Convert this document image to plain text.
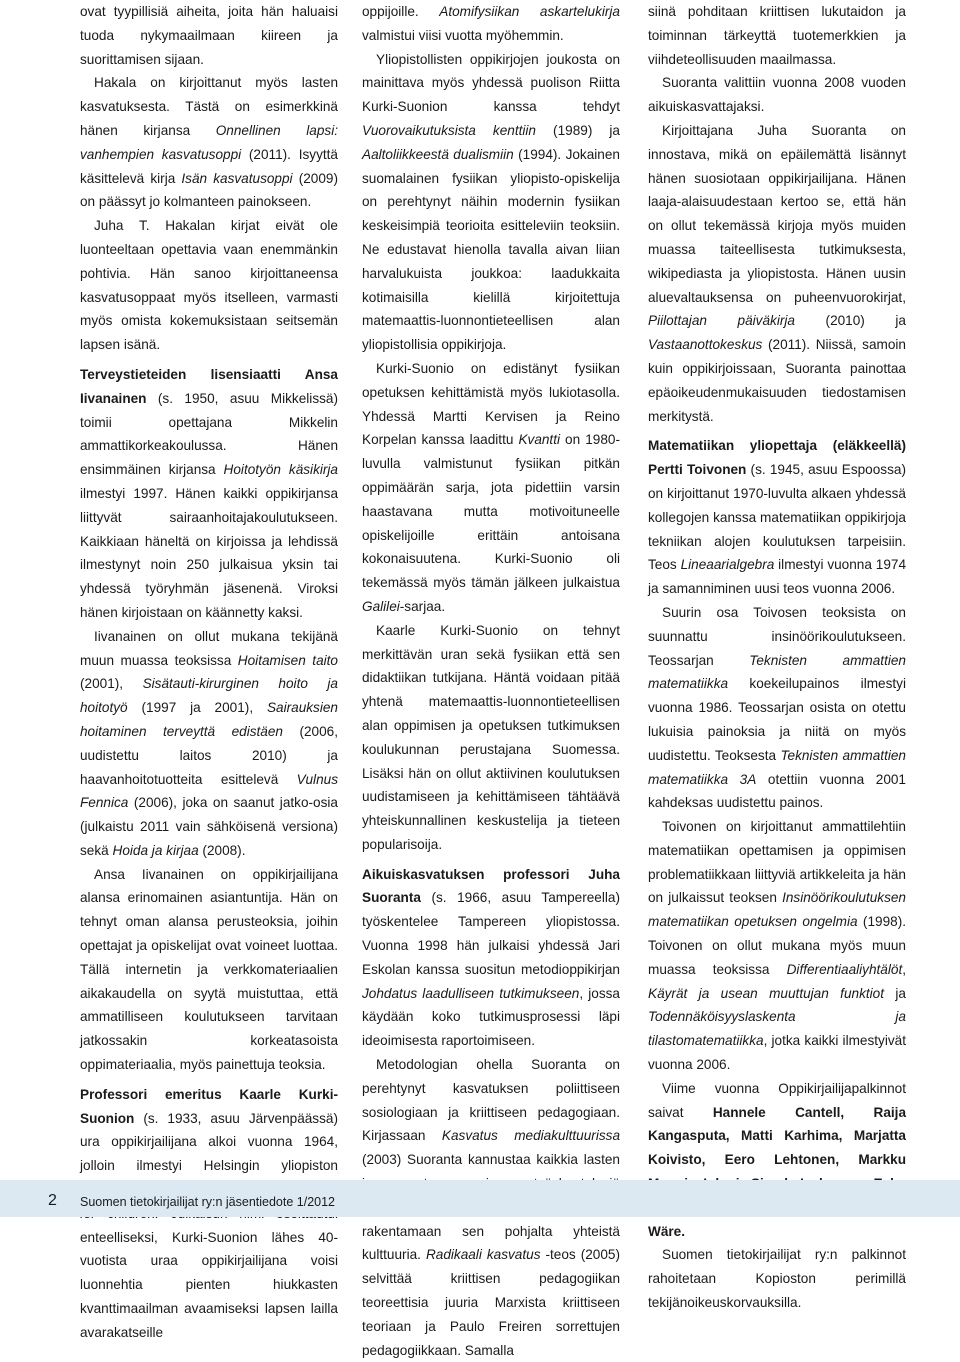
ovat tyypillisiä aiheita, joita hän haluaisi tuoda nykymaailmaan kiireen ja suorittamisen sijaan.

Hakala on kirjoittanut myös lasten kasvatuksesta. Tästä on esimerkkinä hänen kirjansa Onnellinen lapsi: vanhempien kasvatusoppi (2011). Isyyttä käsittelevä kirja Isän kasvatusoppi (2009) on päässyt jo kolmanteen painokseen.

Juha T. Hakalan kirjat eivät ole luonteeltaan opettavia vaan enemmänkin pohtivia. Hän sanoo kirjoittaneensa kasvatusoppaat myös itselleen, varmasti myös omista kokemuksistaan seitsemän lapsen isänä.

Terveystieteiden lisensiaatti Ansa Iivanainen (s. 1950, asuu Mikkelissä) toimii opettajana Mikkelin ammattikorkeakoulussa. Hänen ensimmäinen kirjansa Hoitotyön käsikirja ilmestyi 1997. Hänen kaikki oppikirjansa liittyvät sairaanhoitajakoulutukseen. Kaikkiaan häneltä on kirjoissa ja lehdissä ilmestynyt noin 250 julkaisua yksin tai yhdessä työryhmän jäsenenä. Viroksi hänen kirjoistaan on käännetty kaksi.

Iivanainen on ollut mukana tekijänä muun muassa teoksissa Hoitamisen taito (2001), Sisätauti-kirurginen hoito ja hoitotyö (1997 ja 2001), Sairauksien hoitaminen terveyttä edistäen (2006, uudistettu laitos 2010) ja haavanhoitotuotteita esittelevä Vulnus Fennica (2006), joka on saanut jatko-osia (julkaistu 2011 vain sähköisenä versiona) sekä Hoida ja kirjaa (2008).

Ansa Iivanainen on oppikirjailijana alansa erinomainen asiantuntija. Hän on tehnyt oman alansa perusteoksia, joihin opettajat ja opiskelijat ovat voineet luottaa. Tällä internetin ja verkkomateriaalien aikakaudella on syytä muistuttaa, että ammatilliseen koulutukseen tarvitaan jatkossakin korkeatasoista oppimateriaalia, myös painettuja teoksia.

Professori emeritus Kaarle Kurki-Suonion (s. 1933, asuu Järvenpäässä) ura oppikirjailijana alkoi vuonna 1964, jolloin ilmestyi Helsingin yliopiston enteelliseksi, Kurki-Suonion lähes 40-vuotista uraa oppikirjailijana voisi luonnehtia pienten hiukkasten kvanttimaailman avaamiseksi lapsen lailla avarakatseille

oppijoille. Atomifysiikan askartelukirja valmistui viisi vuotta myöhemmin.

Yliopistollisten oppikirjojen joukosta on mainittava myös yhdessä puolison Riitta Kurki-Suonion kanssa tehdyt Vuorovaikutuksista kenttiin (1989) ja Aaltoliikkeestä dualismiin (1994). Jokainen suomalainen fysiikan yliopisto-opiskelija on perehtynyt näihin modernin fysiikan keskeisimpiä teorioita esitteleviin teoksiin. Ne edustavat hienolla tavalla aivan liian harvalukuista joukkoa: laadukkaita kotimaisilla kielillä kirjoitettuja matemaattis-luonnontieteellisen alan yliopistollisia oppikirjoja.

Kurki-Suonio on edistänyt fysiikan opetuksen kehittämistä myös lukiotasolla. Yhdessä Martti Kervisen ja Reino Korpelan kanssa laadittu Kvantti on 1980-luvulla valmistunut fysiikan pitkän oppimäärän sarja, jota pidettiin varsin haastavana mutta motivoituneelle opiskelijoille erittäin antoisana kokonaisuutena. Kurki-Suonio oli tekemässä myös tämän jälkeen julkaistua Galilei-sarjaa.

Kaarle Kurki-Suonio on tehnyt merkittävän uran sekä fysiikan että sen didaktiikan tutkijana. Häntä voidaan pitää yhtenä matemaattis-luonnontieteellisen alan oppimisen ja opetuksen tutkimuksen koulukunnan perustajana Suomessa. Lisäksi hän on ollut aktiivinen koulutuksen uudistamiseen ja kehittämiseen tähtäävä yhteiskunnallinen keskustelija ja tieteen popularisoija.

Aikuiskasvatuksen professori Juha Suoranta (s. 1966, asuu Tampereella) työskentelee Tampereen yliopistossa. Vuonna 1998 hän julkaisi yhdessä Jari Eskolan kanssa suositun metodioppikirjan Johdatus laadulliseen tutkimukseen, jossa käydään koko tutkimusprosessi läpi ideoimisesta raportoimiseen.

Metodologian ohella Suoranta on perehtynyt kasvatuksen poliittiseen sosiologiaan ja kriittiseen pedagogiaan. Kirjassaan Kasvatus mediakulttuurissa (2003) Suoranta kannustaa kaikkia lasten rakentamaan sen pohjalta yhteistä kulttuuria. Radikaali kasvatus -teos (2005) selvittää kriittisen pedagogiikan teoreettisia juuria Marxista kriittiseen teoriaan ja Paulo Freiren sorrettujen pedagogiikkaan. Samalla

siinä pohditaan kriittisen lukutaidon ja toiminnan tärkeyttä tuotemerkkien ja viihdeteollisuuden maailmassa.

Suoranta valittiin vuonna 2008 vuoden aikuiskasvattajaksi.

Kirjoittajana Juha Suoranta on innostava, mikä on epäilemättä lisännyt hänen suosiotaan oppikirjailijana. Hänen laaja-alaisuudestaan kertoo se, että hän on ollut tekemässä kirjoja myös muiden muassa taiteellisesta tutkimuksesta, wikipediasta ja yliopistosta. Hänen uusin aluevaltauksensa on puheenvuorokirjat, Piilottajan päiväkirja (2010) ja Vastaanottokeskus (2011). Niissä, samoin kuin oppikirjoissaan, Suoranta painottaa epäoikeudenmukaisuuden tiedostamisen merkitystä.

Matematiikan yliopettaja (eläkkeellä) Pertti Toivonen (s. 1945, asuu Espoossa) on kirjoittanut 1970-luvulta alkaen yhdessä kollegojen kanssa matematiikan oppikirjoja tekniikan alojen koulutuksen tarpeisiin. Teos Lineaarialgebra ilmestyi vuonna 1974 ja samanniminen uusi teos vuonna 2006.

Suurin osa Toivosen teoksista on suunnattu insinöörikoulutukseen. Teossarjan Teknisten ammattien matematiikka koekeilupainos ilmestyi vuonna 1986. Teossarjan osista on otettu lukuisia painoksia ja niitä on myös uudistettu. Teoksesta Teknisten ammattien matematiikka 3A otettiin vuonna 2001 kahdeksas uudistettu painos.

Toivonen on kirjoittanut ammattilehtiin matematiikan opettamisen ja oppimisen problematiikkaan liittyviä artikkeleita ja hän on julkaissut teoksen Insinöörikoulutuksen matematiikan opetuksen ongelmia (1998). Toivonen on ollut mukana myös muun muassa teoksissa Differentiaaliyhtälöt, Käyrät ja usean muuttujan funktiot ja Todennäköisyyslaskenta ja tilastomatematiikka, jotka kaikki ilmestyivät vuonna 2006.

Viime vuonna Oppikirjailijapalkinnot saivat Hannele Cantell, Raija Kangasputa, Matti Karhima, Marjatta Koivisto, Eero Lehtonen, Markku Wäre.

Suomen tietokirjailijat ry:n palkinnot rahoitetaan Kopioston perimillä tekijänoikeuskorvauksilla.

2 Suomen tietokirjailijat ry:n jäsentiedote 1/2012
